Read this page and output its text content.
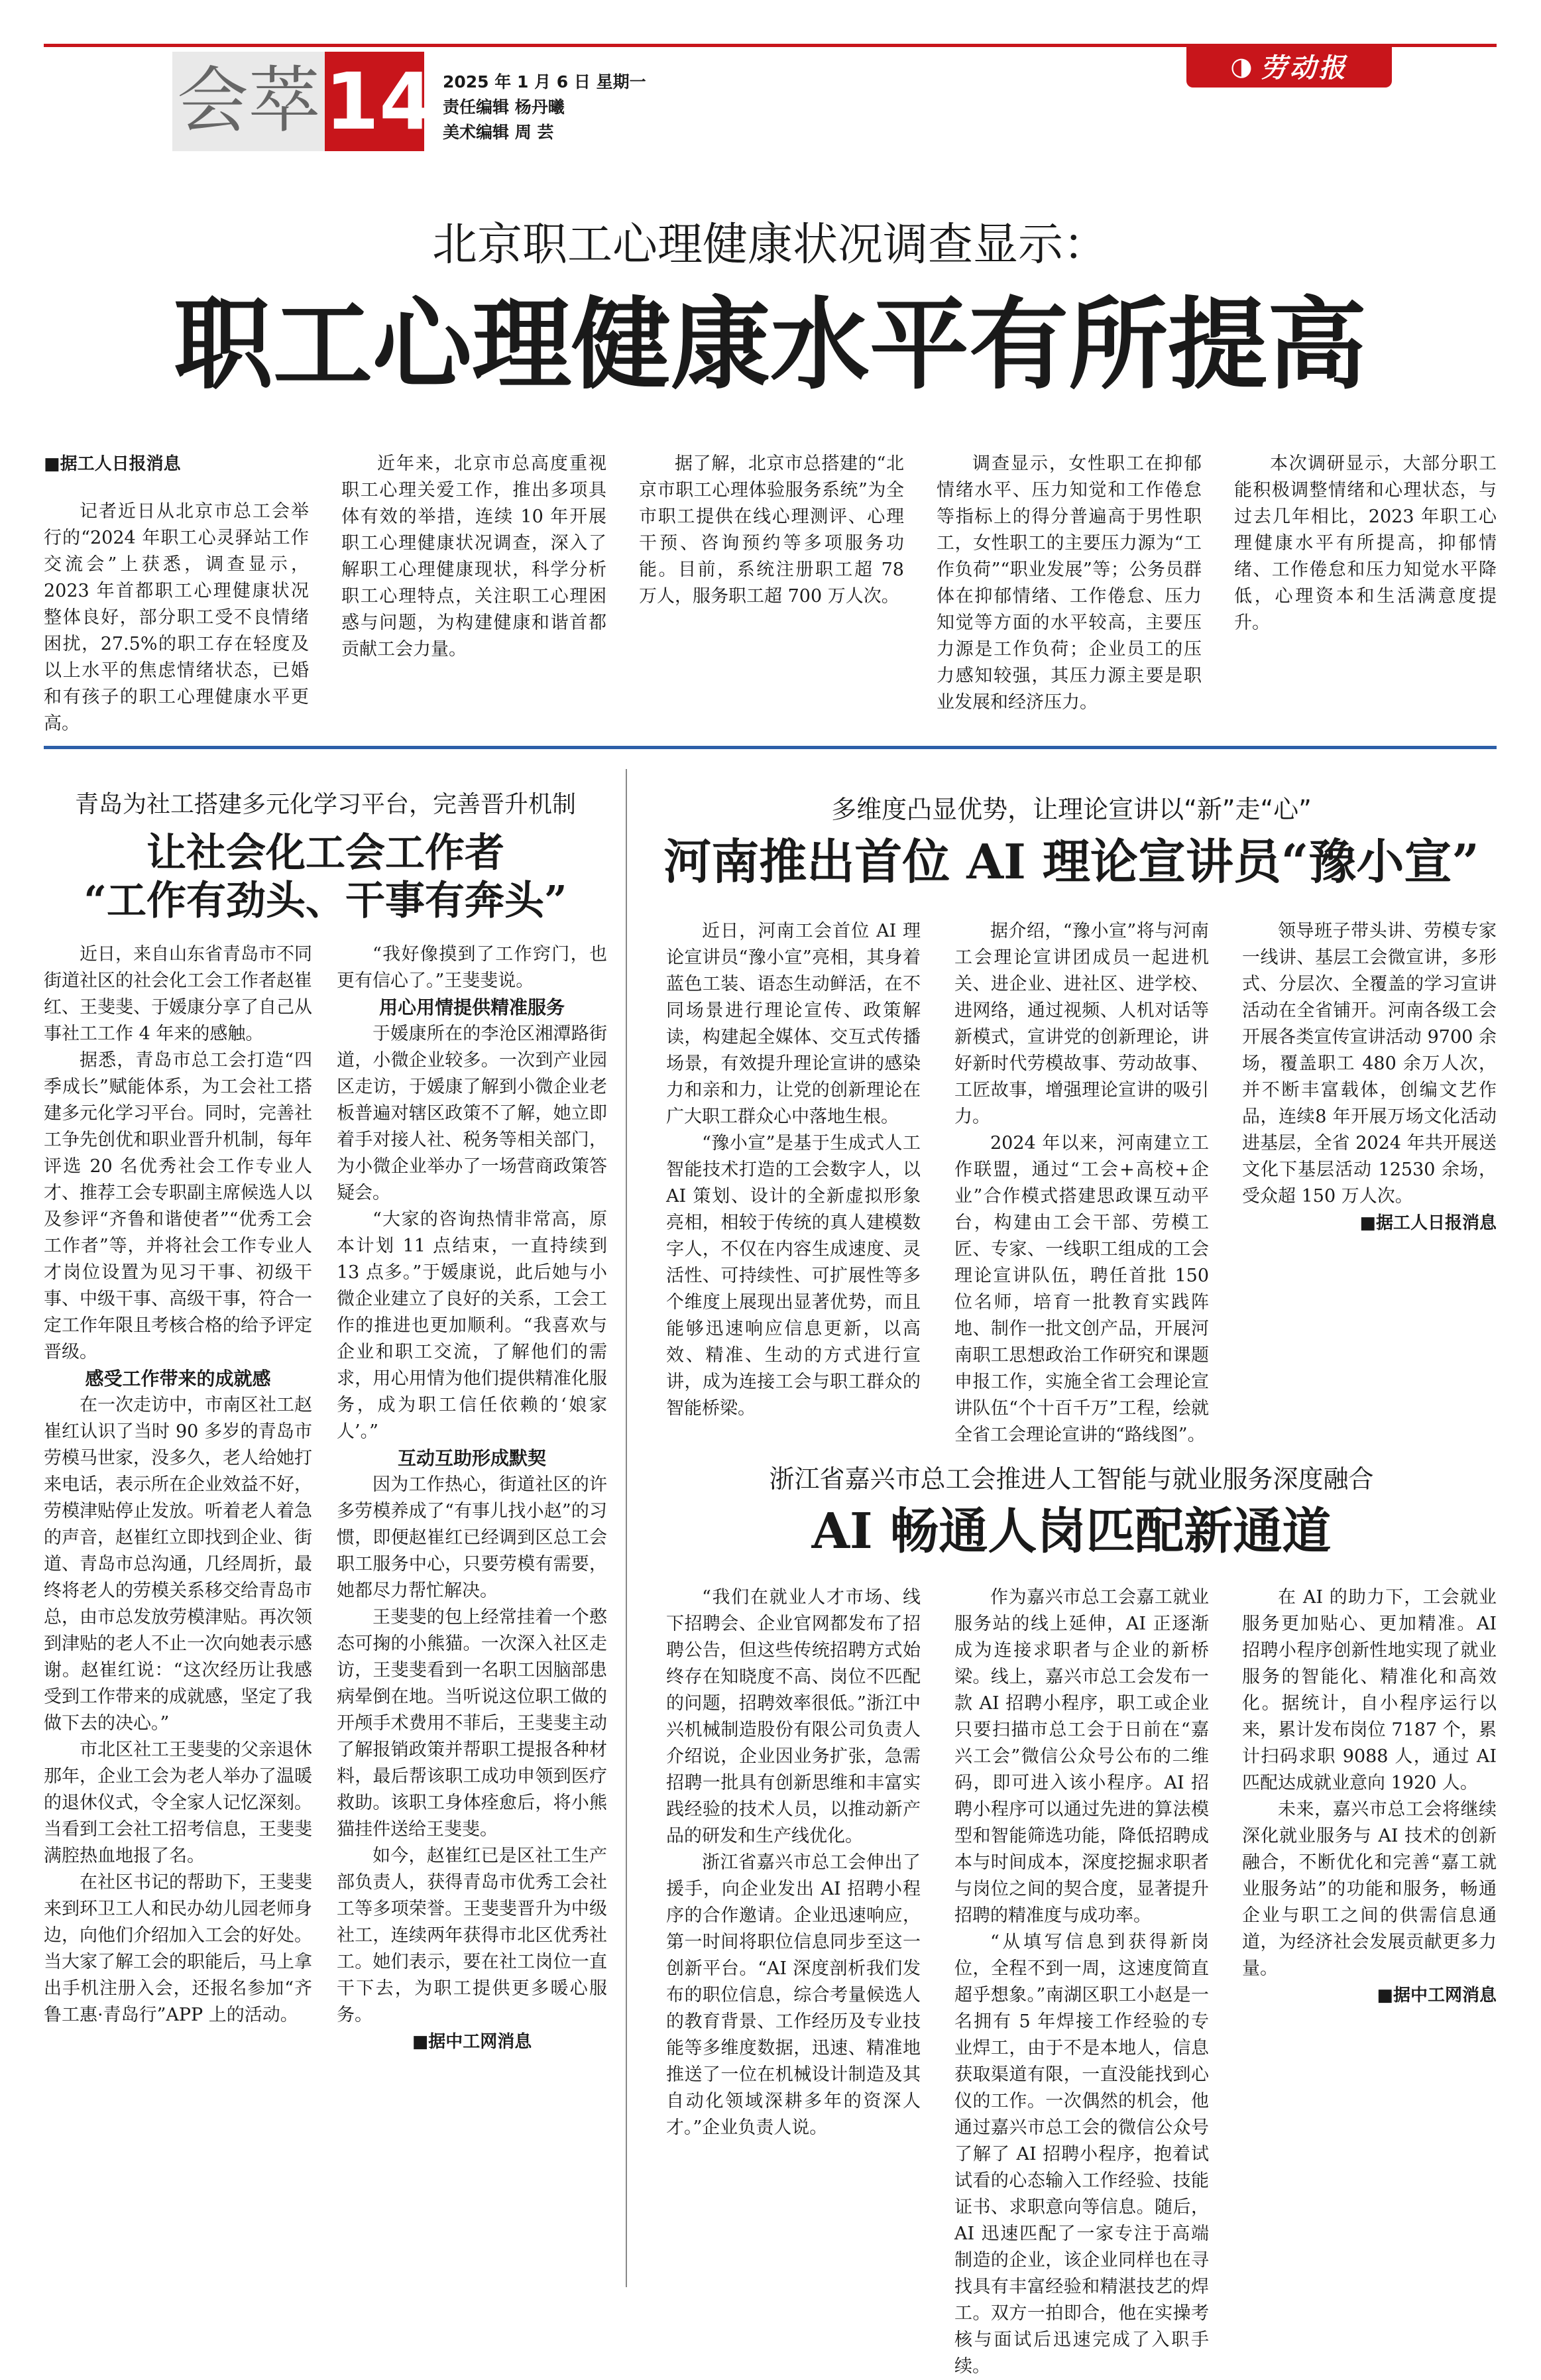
会萃 14 2025 年 1 月 6 日 星期一
责任编辑 杨丹曦
美术编辑 周 芸
◑ 劳动报
北京职工心理健康状况调查显示：
职工心理健康水平有所提高

■据工人日报消息

记者近日从北京市总工会举行的“2024 年职工心灵驿站工作交流会”上获悉，调查显示，2023 年首都职工心理健康状况整体良好，部分职工受不良情绪困扰，27.5%的职工存在轻度及以上水平的焦虑情绪状态，已婚和有孩子的职工心理健康水平更高。

近年来，北京市总高度重视职工心理关爱工作，推出多项具体有效的举措，连续 10 年开展职工心理健康状况调查，深入了解职工心理健康现状，科学分析职工心理特点，关注职工心理困惑与问题，为构建健康和谐首都贡献工会力量。

据了解，北京市总搭建的“北京市职工心理体验服务系统”为全市职工提供在线心理测评、心理干预、咨询预约等多项服务功能。目前，系统注册职工超 78 万人，服务职工超 700 万人次。

调查显示，女性职工在抑郁情绪水平、压力知觉和工作倦怠等指标上的得分普遍高于男性职工，女性职工的主要压力源为“工作负荷”“职业发展”等；公务员群体在抑郁情绪、工作倦怠、压力知觉等方面的水平较高，主要压力源是工作负荷；企业员工的压力感知较强，其压力源主要是职业发展和经济压力。

本次调研显示，大部分职工能积极调整情绪和心理状态，与过去几年相比，2023 年职工心理健康水平有所提高，抑郁情绪、工作倦怠和压力知觉水平降低，心理资本和生活满意度提升。

青岛为社工搭建多元化学习平台，完善晋升机制
让社会化工会工作者
“工作有劲头、干事有奔头”

近日，来自山东省青岛市不同街道社区的社会化工会工作者赵崔红、王斐斐、于媛康分享了自己从事社工工作 4 年来的感触。

据悉，青岛市总工会打造“四季成长”赋能体系，为工会社工搭建多元化学习平台。同时，完善社工争先创优和职业晋升机制，每年评选 20 名优秀社会工作专业人才、推荐工会专职副主席候选人以及参评“齐鲁和谐使者”“优秀工会工作者”等，并将社会工作专业人才岗位设置为见习干事、初级干事、中级干事、高级干事，符合一定工作年限且考核合格的给予评定晋级。

感受工作带来的成就感

在一次走访中，市南区社工赵崔红认识了当时 90 多岁的青岛市劳模马世家，没多久，老人给她打来电话，表示所在企业效益不好，劳模津贴停止发放。听着老人着急的声音，赵崔红立即找到企业、街道、青岛市总沟通，几经周折，最终将老人的劳模关系移交给青岛市总，由市总发放劳模津贴。再次领到津贴的老人不止一次向她表示感谢。赵崔红说：“这次经历让我感受到工作带来的成就感，坚定了我做下去的决心。”

市北区社工王斐斐的父亲退休那年，企业工会为老人举办了温暖的退休仪式，令全家人记忆深刻。当看到工会社工招考信息，王斐斐满腔热血地报了名。

在社区书记的帮助下，王斐斐来到环卫工人和民办幼儿园老师身边，向他们介绍加入工会的好处。当大家了解工会的职能后，马上拿出手机注册入会，还报名参加“齐鲁工惠·青岛行”APP 上的活动。

“我好像摸到了工作窍门，也更有信心了。”王斐斐说。

用心用情提供精准服务

于媛康所在的李沧区湘潭路街道，小微企业较多。一次到产业园区走访，于媛康了解到小微企业老板普遍对辖区政策不了解，她立即着手对接人社、税务等相关部门，为小微企业举办了一场营商政策答疑会。

“大家的咨询热情非常高，原本计划 11 点结束，一直持续到 13 点多。”于媛康说，此后她与小微企业建立了良好的关系，工会工作的推进也更加顺利。“我喜欢与企业和职工交流，了解他们的需求，用心用情为他们提供精准化服务，成为职工信任依赖的‘娘家人’。”

互动互助形成默契

因为工作热心，街道社区的许多劳模养成了“有事儿找小赵”的习惯，即便赵崔红已经调到区总工会职工服务中心，只要劳模有需要，她都尽力帮忙解决。

王斐斐的包上经常挂着一个憨态可掬的小熊猫。一次深入社区走访，王斐斐看到一名职工因脑部患病晕倒在地。当听说这位职工做的开颅手术费用不菲后，王斐斐主动了解报销政策并帮职工提报各种材料，最后帮该职工成功申领到医疗救助。该职工身体痊愈后，将小熊猫挂件送给王斐斐。

如今，赵崔红已是区社工生产部负责人，获得青岛市优秀工会社工等多项荣誉。王斐斐晋升为中级社工，连续两年获得市北区优秀社工。她们表示，要在社工岗位一直干下去，为职工提供更多暖心服务。

■据中工网消息

多维度凸显优势，让理论宣讲以“新”走“心”
河南推出首位 AI 理论宣讲员“豫小宣”

近日，河南工会首位 AI 理论宣讲员“豫小宣”亮相，其身着蓝色工装、语态生动鲜活，在不同场景进行理论宣传、政策解读，构建起全媒体、交互式传播场景，有效提升理论宣讲的感染力和亲和力，让党的创新理论在广大职工群众心中落地生根。

“豫小宣”是基于生成式人工智能技术打造的工会数字人，以 AI 策划、设计的全新虚拟形象亮相，相较于传统的真人建模数字人，不仅在内容生成速度、灵活性、可持续性、可扩展性等多个维度上展现出显著优势，而且能够迅速响应信息更新，以高效、精准、生动的方式进行宣讲，成为连接工会与职工群众的智能桥梁。

据介绍，“豫小宣”将与河南工会理论宣讲团成员一起进机关、进企业、进社区、进学校、进网络，通过视频、人机对话等新模式，宣讲党的创新理论，讲好新时代劳模故事、劳动故事、工匠故事，增强理论宣讲的吸引力。

2024 年以来，河南建立工作联盟，通过“工会+高校+企业”合作模式搭建思政课互动平台，构建由工会干部、劳模工匠、专家、一线职工组成的工会理论宣讲队伍，聘任首批 150 位名师，培育一批教育实践阵地、制作一批文创产品，开展河南职工思想政治工作研究和课题申报工作，实施全省工会理论宣讲队伍“个十百千万”工程，绘就全省工会理论宣讲的“路线图”。

领导班子带头讲、劳模专家一线讲、基层工会微宣讲，多形式、分层次、全覆盖的学习宣讲活动在全省铺开。河南各级工会开展各类宣传宣讲活动 9700 余场，覆盖职工 480 余万人次，并不断丰富载体，创编文艺作品，连续8 年开展万场文化活动进基层，全省 2024 年共开展送文化下基层活动 12530 余场，受众超 150 万人次。

■据工人日报消息

浙江省嘉兴市总工会推进人工智能与就业服务深度融合
AI 畅通人岗匹配新通道

“我们在就业人才市场、线下招聘会、企业官网都发布了招聘公告，但这些传统招聘方式始终存在知晓度不高、岗位不匹配的问题，招聘效率很低。”浙江中兴机械制造股份有限公司负责人介绍说，企业因业务扩张，急需招聘一批具有创新思维和丰富实践经验的技术人员，以推动新产品的研发和生产线优化。

浙江省嘉兴市总工会伸出了援手，向企业发出 AI 招聘小程序的合作邀请。企业迅速响应，第一时间将职位信息同步至这一创新平台。“AI 深度剖析我们发布的职位信息，综合考量候选人的教育背景、工作经历及专业技能等多维度数据，迅速、精准地推送了一位在机械设计制造及其自动化领域深耕多年的资深人才。”企业负责人说。

作为嘉兴市总工会嘉工就业服务站的线上延伸，AI 正逐渐成为连接求职者与企业的新桥梁。线上，嘉兴市总工会发布一款 AI 招聘小程序，职工或企业只要扫描市总工会于日前在“嘉兴工会”微信公众号公布的二维码，即可进入该小程序。AI 招聘小程序可以通过先进的算法模型和智能筛选功能，降低招聘成本与时间成本，深度挖掘求职者与岗位之间的契合度，显著提升招聘的精准度与成功率。

“从填写信息到获得新岗位，全程不到一周，这速度简直超乎想象。”南湖区职工小赵是一名拥有 5 年焊接工作经验的专业焊工，由于不是本地人，信息获取渠道有限，一直没能找到心仪的工作。一次偶然的机会，他通过嘉兴市总工会的微信公众号了解了 AI 招聘小程序，抱着试试看的心态输入工作经验、技能证书、求职意向等信息。随后，AI 迅速匹配了一家专注于高端制造的企业，该企业同样也在寻找具有丰富经验和精湛技艺的焊工。双方一拍即合，他在实操考核与面试后迅速完成了入职手续。

在 AI 的助力下，工会就业服务更加贴心、更加精准。AI 招聘小程序创新性地实现了就业服务的智能化、精准化和高效化。据统计，自小程序运行以来，累计发布岗位 7187 个，累计扫码求职 9088 人，通过 AI 匹配达成就业意向 1920 人。

未来，嘉兴市总工会将继续深化就业服务与 AI 技术的创新融合，不断优化和完善“嘉工就业服务站”的功能和服务，畅通企业与职工之间的供需信息通道，为经济社会发展贡献更多力量。

■据中工网消息
